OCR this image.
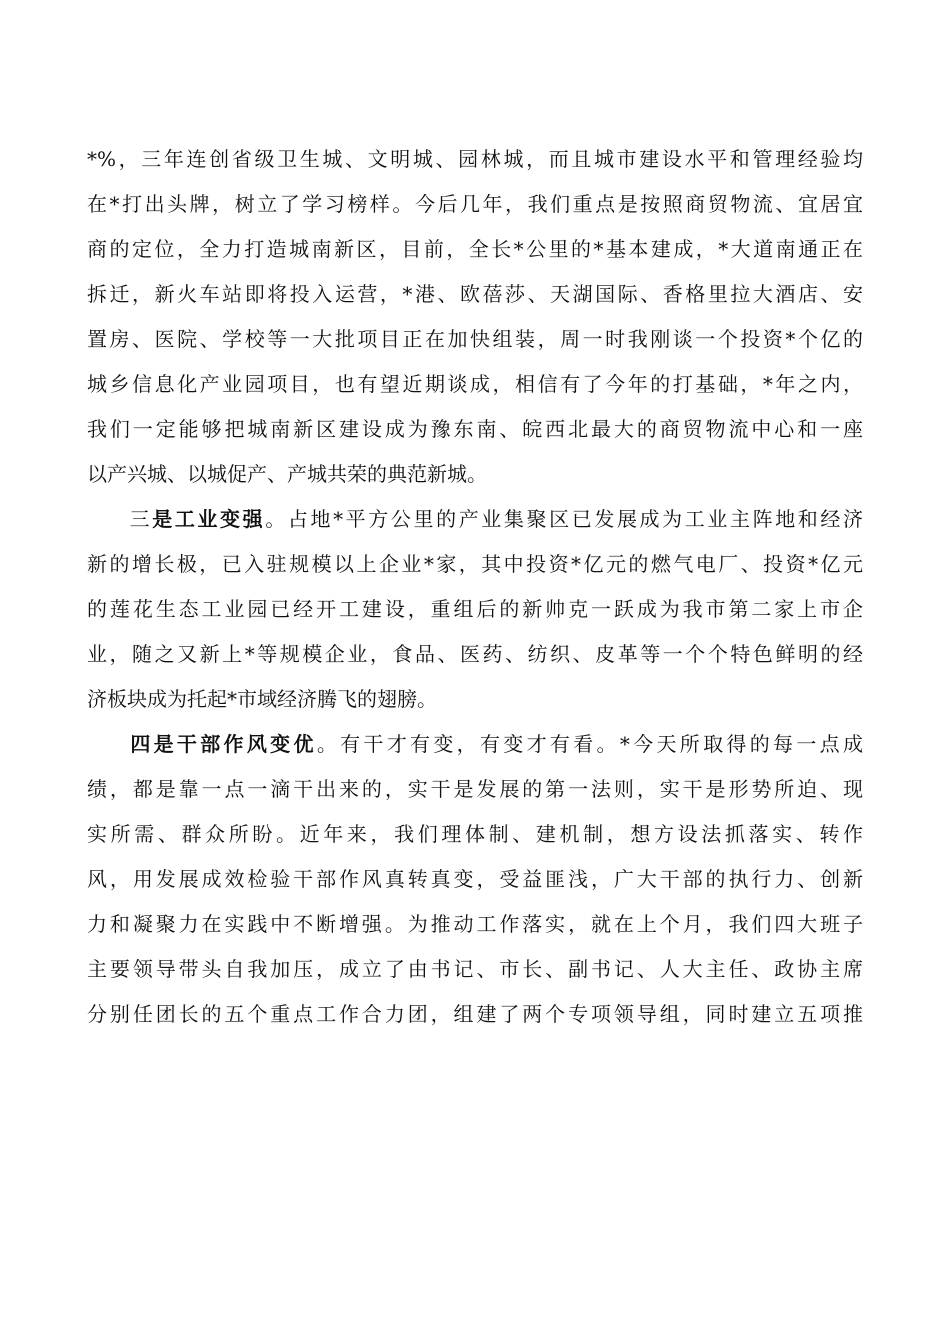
*%，三年连创省级卫生城、文明城、园林城，而且城市建设水平和管理经验均
在*打出头牌，树立了学习榜样。今后几年，我们重点是按照商贸物流、宜居宜
商的定位，全力打造城南新区，目前，全长*公里的*基本建成，*大道南通正在
拆迁，新火车站即将投入运营，*港、欧蓓莎、天湖国际、香格里拉大酒店、安
置房、医院、学校等一大批项目正在加快组装，周一时我刚谈一个投资*个亿的
城乡信息化产业园项目，也有望近期谈成，相信有了今年的打基础，*年之内，
我们一定能够把城南新区建设成为豫东南、皖西北最大的商贸物流中心和一座
以产兴城、以城促产、产城共荣的典范新城。
三是工业变强。占地*平方公里的产业集聚区已发展成为工业主阵地和经济
新的增长极，已入驻规模以上企业*家，其中投资*亿元的燃气电厂、投资*亿元
的莲花生态工业园已经开工建设，重组后的新帅克一跃成为我市第二家上市企
业，随之又新上*等规模企业，食品、医药、纺织、皮革等一个个特色鲜明的经
济板块成为托起*市域经济腾飞的翅膀。
四是干部作风变优。有干才有变，有变才有看。*今天所取得的每一点成
绩，都是靠一点一滴干出来的，实干是发展的第一法则，实干是形势所迫、现
实所需、群众所盼。近年来，我们理体制、建机制，想方设法抓落实、转作
风，用发展成效检验干部作风真转真变，受益匪浅，广大干部的执行力、创新
力和凝聚力在实践中不断增强。为推动工作落实，就在上个月，我们四大班子
主要领导带头自我加压，成立了由书记、市长、副书记、人大主任、政协主席
分别任团长的五个重点工作合力团，组建了两个专项领导组，同时建立五项推
